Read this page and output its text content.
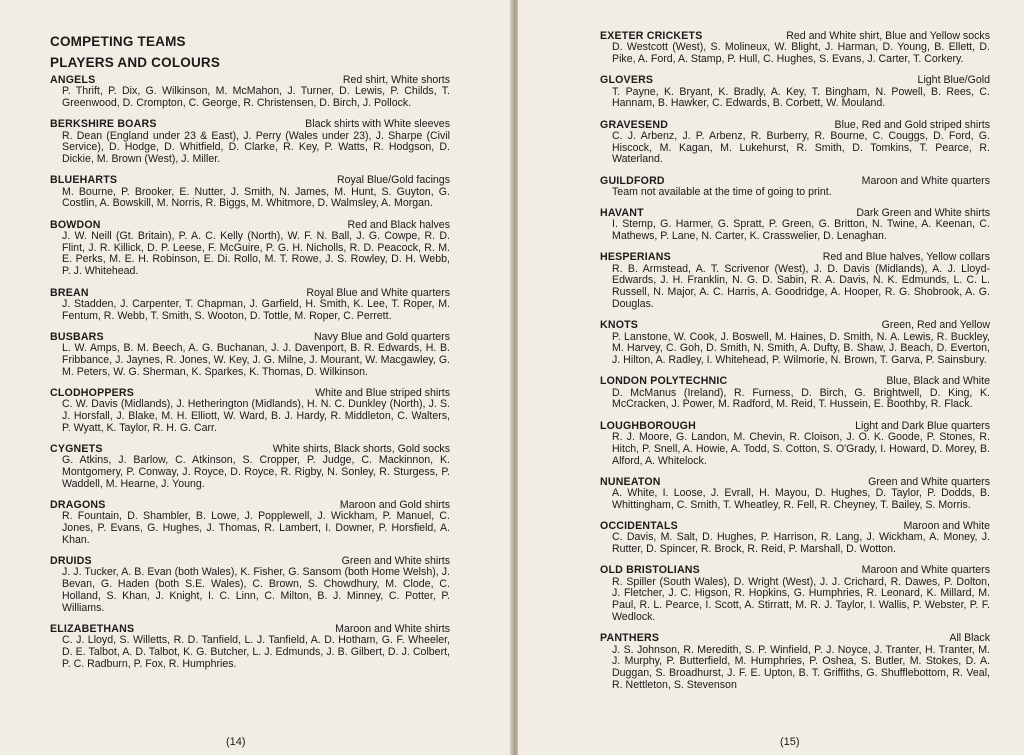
COMPETING TEAMS
PLAYERS AND COLOURS
ANGELS	Red shirt, White shorts
P. Thrift, P. Dix, G. Wilkinson, M. McMahon, J. Turner, D. Lewis, P. Childs, T. Greenwood, D. Crompton, C. George, R. Christensen, D. Birch, J. Pollock.
BERKSHIRE BOARS	Black shirts with White sleeves
R. Dean (England under 23 & East), J. Perry (Wales under 23), J. Sharpe (Civil Service), D. Hodge, D. Whitfield, D. Clarke, R. Key, P. Watts, R. Hodgson, D. Dickie, M. Brown (West), J. Miller.
BLUEHARTS	Royal Blue/Gold facings
M. Bourne, P. Brooker, E. Nutter, J. Smith, N. James, M. Hunt, S. Guyton, G. Costlin, A. Bowskill, M. Norris, R. Biggs, M. Whitmore, D. Walmsley, A. Morgan.
BOWDON	Red and Black halves
J. W. Neill (Gt. Britain), P. A. C. Kelly (North), W. F. N. Ball, J. G. Cowpe, R. D. Flint, J. R. Killick, D. P. Leese, F. McGuire, P. G. H. Nicholls, R. D. Peacock, R. M. E. Perks, M. E. H. Robinson, E. Di. Rollo, M. T. Rowe, J. S. Rowley, D. H. Webb, P. J. Whitehead.
BREAN	Royal Blue and White quarters
J. Stadden, J. Carpenter, T. Chapman, J. Garfield, H. Smith, K. Lee, T. Roper, M. Fentum, R. Webb, T. Smith, S. Wooton, D. Tottle, M. Roper, C. Perrett.
BUSBARS	Navy Blue and Gold quarters
L. W. Amps, B. M. Beech, A. G. Buchanan, J. J. Davenport, B. R. Edwards, H. B. Fribbance, J. Jaynes, R. Jones, W. Key, J. G. Milne, J. Mourant, W. Macgawley, G. M. Peters, W. G. Sherman, K. Sparkes, K. Thomas, D. Wilkinson.
CLODHOPPERS	White and Blue striped shirts
C. W. Davis (Midlands), J. Hetherington (Midlands), H. N. C. Dunkley (North), J. S. J. Horsfall, J. Blake, M. H. Elliott, W. Ward, B. J. Hardy, R. Middleton, C. Walters, P. Wyatt, K. Taylor, R. H. G. Carr.
CYGNETS	White shirts, Black shorts, Gold socks
G. Atkins, J. Barlow, C. Atkinson, S. Cropper, P. Judge, C. Mackinnon, K. Montgomery, P. Conway, J. Royce, D. Royce, R. Rigby, N. Sonley, R. Sturgess, P. Waddell, M. Hearne, J. Young.
DRAGONS	Maroon and Gold shirts
R. Fountain, D. Shambler, B. Lowe, J. Popplewell, J. Wickham, P. Manuel, C. Jones, P. Evans, G. Hughes, J. Thomas, R. Lambert, I. Downer, P. Horsfield, A. Khan.
DRUIDS	Green and White shirts
J. J. Tucker, A. B. Evan (both Wales), K. Fisher, G. Sansom (both Home Welsh), J. Bevan, G. Haden (both S.E. Wales), C. Brown, S. Chowdhury, M. Clode, C. Holland, S. Khan, J. Knight, I. C. Linn, C. Milton, B. J. Minney, C. Potter, P. Williams.
ELIZABETHANS	Maroon and White shirts
C. J. Lloyd, S. Willetts, R. D. Tanfield, L. J. Tanfield, A. D. Hotham, G. F. Wheeler, D. E. Talbot, A. D. Talbot, K. G. Butcher, L. J. Edmunds, J. B. Gilbert, D. J. Colbert, P. C. Radburn, P. Fox, R. Humphries.
(14)
EXETER CRICKETS	Red and White shirt, Blue and Yellow socks
D. Westcott (West), S. Molineux, W. Blight, J. Harman, D. Young, B. Ellett, D. Pike, A. Ford, A. Stamp, P. Hull, C. Hughes, S. Evans, J. Carter, T. Corkery.
GLOVERS	Light Blue/Gold
T. Payne, K. Bryant, K. Bradly, A. Key, T. Bingham, N. Powell, B. Rees, C. Hannam, B. Hawker, C. Edwards, B. Corbett, W. Mouland.
GRAVESEND	Blue, Red and Gold striped shirts
C. J. Arbenz, J. P. Arbenz, R. Burberry, R. Bourne, C. Couggs, D. Ford, G. Hiscock, M. Kagan, M. Lukehurst, R. Smith, D. Tomkins, T. Pearce, R. Waterland.
GUILDFORD	Maroon and White quarters
Team not available at the time of going to print.
HAVANT	Dark Green and White shirts
I. Stemp, G. Harmer, G. Spratt, P. Green, G. Britton, N. Twine, A. Keenan, C. Mathews, P. Lane, N. Carter, K. Crasswelier, D. Lenaghan.
HESPERIANS	Red and Blue halves, Yellow collars
R. B. Armstead, A. T. Scrivenor (West), J. D. Davis (Midlands), A. J. Lloyd-Edwards, J. H. Franklin, N. G. D. Sabin, R. A. Davis, N. K. Edmunds, L. C. L. Russell, N. Major, A. C. Harris, A. Goodridge, A. Hooper, R. G. Shobrook, A. G. Douglas.
KNOTS	Green, Red and Yellow
P. Lanstone, W. Cook, J. Boswell, M. Haines, D. Smith, N. A. Lewis, R. Buckley, M. Harvey, C. Goh, D. Smith, N. Smith, A. Dufty, B. Shaw, J. Beach, D. Everton, J. Hilton, A. Radley, I. Whitehead, P. Wilmorie, N. Brown, T. Garva, P. Sainsbury.
LONDON POLYTECHNIC	Blue, Black and White
D. McManus (Ireland), R. Furness, D. Birch, G. Brightwell, D. King, K. McCracken, J. Power, M. Radford, M. Reid, T. Hussein, E. Boothby, R. Flack.
LOUGHBOROUGH	Light and Dark Blue quarters
R. J. Moore, G. Landon, M. Chevin, R. Cloison, J. O. K. Goode, P. Stones, R. Hitch, P. Snell, A. Howie, A. Todd, S. Cotton, S. O'Grady, I. Howard, D. Morey, B. Alford, A. Whitelock.
NUNEATON	Green and White quarters
A. White, I. Loose, J. Evrall, H. Mayou, D. Hughes, D. Taylor, P. Dodds, B. Whittingham, C. Smith, T. Wheatley, R. Fell, R. Cheyney, T. Bailey, S. Morris.
OCCIDENTALS	Maroon and White
C. Davis, M. Salt, D. Hughes, P. Harrison, R. Lang, J. Wickham, A. Money, J. Rutter, D. Spincer, R. Brock, R. Reid, P. Marshall, D. Wotton.
OLD BRISTOLIANS	Maroon and White quarters
R. Spiller (South Wales), D. Wright (West), J. J. Crichard, R. Dawes, P. Dolton, J. Fletcher, J. C. Higson, R. Hopkins, G. Humphries, R. Leonard, K. Millard, M. Paul, R. L. Pearce, I. Scott, A. Stirratt, M. R. J. Taylor, I. Wallis, P. Webster, P. F. Wedlock.
PANTHERS	All Black
J. S. Johnson, R. Meredith, S. P. Winfield, P. J. Noyce, J. Tranter, H. Tranter, M. J. Murphy, P. Butterfield, M. Humphries, P. Oshea, S. Butler, M. Stokes, D. A. Duggan, S. Broadhurst, J. F. E. Upton, B. T. Griffiths, G. Shufflebottom, R. Veal, R. Nettleton, S. Stevenson
(15)
